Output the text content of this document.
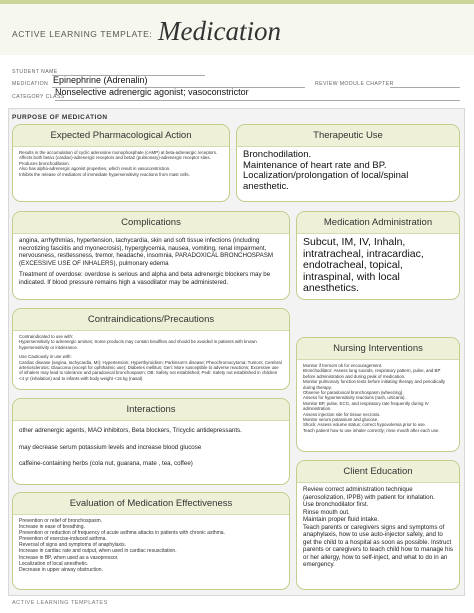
ACTIVE LEARNING TEMPLATE: Medication
STUDENT NAME
MEDICATION Epinephrine (Adrenalin)	REVIEW MODULE CHAPTER
CATEGORY CLASS
Nonselective adrenergic agonist; vasoconstrictor
PURPOSE OF MEDICATION
Expected Pharmacological Action

Results in the accumulation of cyclic adenosine monophosphate (cAMP) at beta-adrenergic receptors.

Affects both beta1 (cardiac)-adrenergic receptors and beta2 (pulmonary)-adrenergic receptor sites.

Produces bronchodilation.

Also has alpha-adrenergic agonist properties, which result in vasoconstriction.

Inhibits the release of mediators of immediate hypersensitivity reactions from mast cells.

Therapeutic Use

Bronchodilation.

Maintenance of heart rate and BP.

Localization/prolongation of local/spinal anesthetic.

Complications

angina, arrhythmias, hypertension, tachycardia, skin and soft tissue infections (including necrotizing fasciitis and myonecrosis), hyperglycemia, nausea, vomiting, renal impairment, nervousness, restlessness, tremor, headache, insomnia, PARADOXICAL BRONCHOSPASM (EXCESSIVE USE OF INHALERS), pulmonary edema

Treatment of overdose: overdose is serious and alpha and beta adrenergic blockers may be indicated. If blood pressure remains high a vasodilator may be administered.

Medication Administration

Subcut, IM, IV, Inhaln, intratracheal, intracardiac, endotracheal, topical, intraspinal, with local anesthetics.

Contraindications/Precautions

Contraindicated to use with:

Hypersensitivity to adrenergic amines; Some products may contain bisulfites and should be avoided in patients with known hypersensitivity or intolerance.

Use Cautiously in use with:

Cardiac disease (angina, tachycardia, MI); Hypertension; Hyperthyroidism; Parkinson's disease; Pheochromocytoma; Tumors; Cerebral arteriosclerosis; Glaucoma (except for ophthalmic use); Diabetes mellitus; Geri: More susceptible to adverse reactions; Excessive use of inhalers may lead to tolerance and paradoxical bronchospasm; OB: Safety not established; Pedi: Safety not established in children <4 yr (inhalation) and to infants with body weight <15 kg (nasal).

Nursing Interventions

Monitor if tremors ok for encouragement.

Bronchodilator: Assess lung sounds, respiratory pattern, pulse, and BP before administration and during peak of medication.

Monitor pulmonary function tests before initiating therapy and periodically during therapy.

Observe for paradoxical bronchospasm (wheezing).

Assess for hypersensitivity reactions (rash, urticaria).

Monitor BP, pulse, ECG, and respiratory rate frequently during IV administration.

Assess injection site for tissue necrosis.

Monitor serum potassium and glucose.

Shock: Assess volume status; correct hypovolemia prior to use.

Teach patient how to use inhaler correctly; rinse mouth after each use.

Interactions

other adrenergic agents, MAO inhibitors, Beta blockers, Tricyclic antidepressants.

may decrease serum potassium levels and increase blood glucose

caffeine-containing herbs (cola nut, guarana, mate , tea, coffee)

Client Education

Review correct administration technique (aerosolization, IPPB) with patient for inhalation.

Use bronchodilator first.

Rinse mouth out.

Maintain proper fluid intake.

Teach parents or caregivers signs and symptoms of anaphylaxis, how to use auto-injector safely, and to get the child to a hospital as soon as possible. Instruct parents or caregivers to teach child how to manage his or her allergy, how to self-inject, and what to do in an emergency.

Evaluation of Medication Effectiveness

Prevention or relief of bronchospasm.

Increase in ease of breathing.

Prevention or reduction of frequency of acute asthma attacks in patients with chronic asthma.

Prevention of exercise-induced asthma.

Reversal of signs and symptoms of anaphylaxis.

Increase in cardiac rate and output, when used in cardiac resuscitation.

Increase in BP, when used as a vasopressor.

Localization of local anesthetic.

Decrease in upper airway obstruction.

ACTIVE LEARNING TEMPLATES
